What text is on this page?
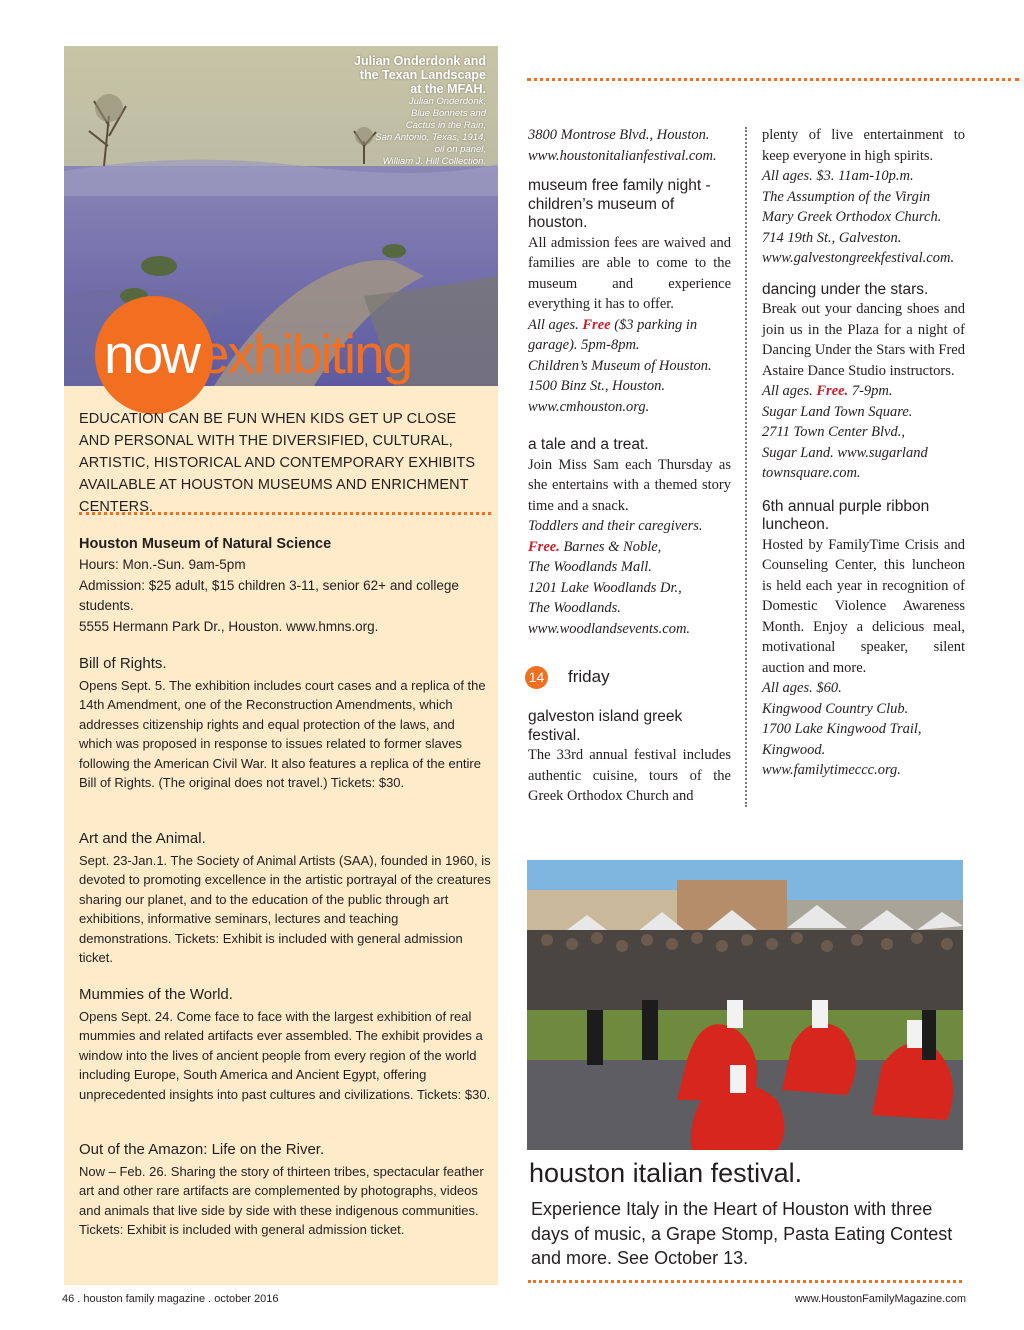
Julian Onderdonk and
the Texan Landscape
at the MFAH.
Julian Onderdonk,
Blue Bonnets and
Cactus in the Rain,
San Antonio, Texas, 1914,
oil on panel,
William J. Hill Collection.
nowexhibiting
EDUCATION CAN BE FUN WHEN KIDS GET UP CLOSE AND PERSONAL WITH THE DIVERSIFIED, CULTURAL, ARTISTIC, HISTORICAL AND CONTEMPORARY EXHIBITS AVAILABLE AT HOUSTON MUSEUMS AND ENRICHMENT CENTERS.

Houston Museum of Natural Science

Hours: Mon.-Sun. 9am-5pm

Admission: $25 adult, $15 children 3-11, senior 62+ and college students.

5555 Hermann Park Dr., Houston. www.hmns.org.

Bill of Rights.
Opens Sept. 5. The exhibition includes court cases and a replica of the 14th Amendment, one of the Reconstruction Amendments, which addresses citizenship rights and equal protection of the laws, and which was proposed in response to issues related to former slaves following the American Civil War. It also features a replica of the entire Bill of Rights. (The original does not travel.) Tickets: $30.
Art and the Animal.
Sept. 23-Jan.1. The Society of Animal Artists (SAA), founded in 1960, is devoted to promoting excellence in the artistic portrayal of the creatures sharing our planet, and to the education of the public through art exhibitions, informative seminars, lectures and teaching demonstrations. Tickets: Exhibit is included with general admission ticket.
Mummies of the World.
Opens Sept. 24. Come face to face with the largest exhibition of real mummies and related artifacts ever assembled. The exhibit provides a window into the lives of ancient people from every region of the world including Europe, South America and Ancient Egypt, offering unprecedented insights into past cultures and civilizations. Tickets: $30.
Out of the Amazon: Life on the River.
Now – Feb. 26. Sharing the story of thirteen tribes, spectacular feather art and other rare artifacts are complemented by photographs, videos and animals that live side by side with these indigenous communities. Tickets: Exhibit is included with general admission ticket.

3800 Montrose Blvd., Houston.

www.houstonitalianfestival.com.

museum free family night - children’s museum of houston.

All admission fees are waived and families are able to come to the museum and experience everything it has to offer.

All ages. Free ($3 parking in garage). 5pm-8pm.

Children’s Museum of Houston.

1500 Binz St., Houston.

www.cmhouston.org.

a tale and a treat.

Join Miss Sam each Thursday as she entertains with a themed story time and a snack.

Toddlers and their caregivers.

Free. Barnes & Noble,

The Woodlands Mall.

1201 Lake Woodlands Dr.,

The Woodlands.

www.woodlandsevents.com.

14 friday

galveston island greek festival.

The 33rd annual festival includes authentic cuisine, tours of the Greek Orthodox Church and

plenty of live entertainment to keep everyone in high spirits.

All ages. $3. 11am-10p.m.

The Assumption of the Virgin Mary Greek Orthodox Church.

714 19th St., Galveston.

www.galvestongreekfestival.com.

dancing under the stars.

Break out your dancing shoes and join us in the Plaza for a night of Dancing Under the Stars with Fred Astaire Dance Studio instructors.

All ages. Free. 7-9pm.

Sugar Land Town Square.

2711 Town Center Blvd.,

Sugar Land. www.sugarland townsquare.com.

6th annual purple ribbon luncheon.

Hosted by FamilyTime Crisis and Counseling Center, this luncheon is held each year in recognition of Domestic Violence Awareness Month. Enjoy a delicious meal, motivational speaker, silent auction and more.

All ages. $60.

Kingwood Country Club.

1700 Lake Kingwood Trail,

Kingwood. www.familytimeccc.org.

houston italian festival.
Experience Italy in the Heart of Houston with three days of music, a Grape Stomp, Pasta Eating Contest and more. See October 13.
46 . houston family magazine . october 2016	www.HoustonFamilyMagazine.com
